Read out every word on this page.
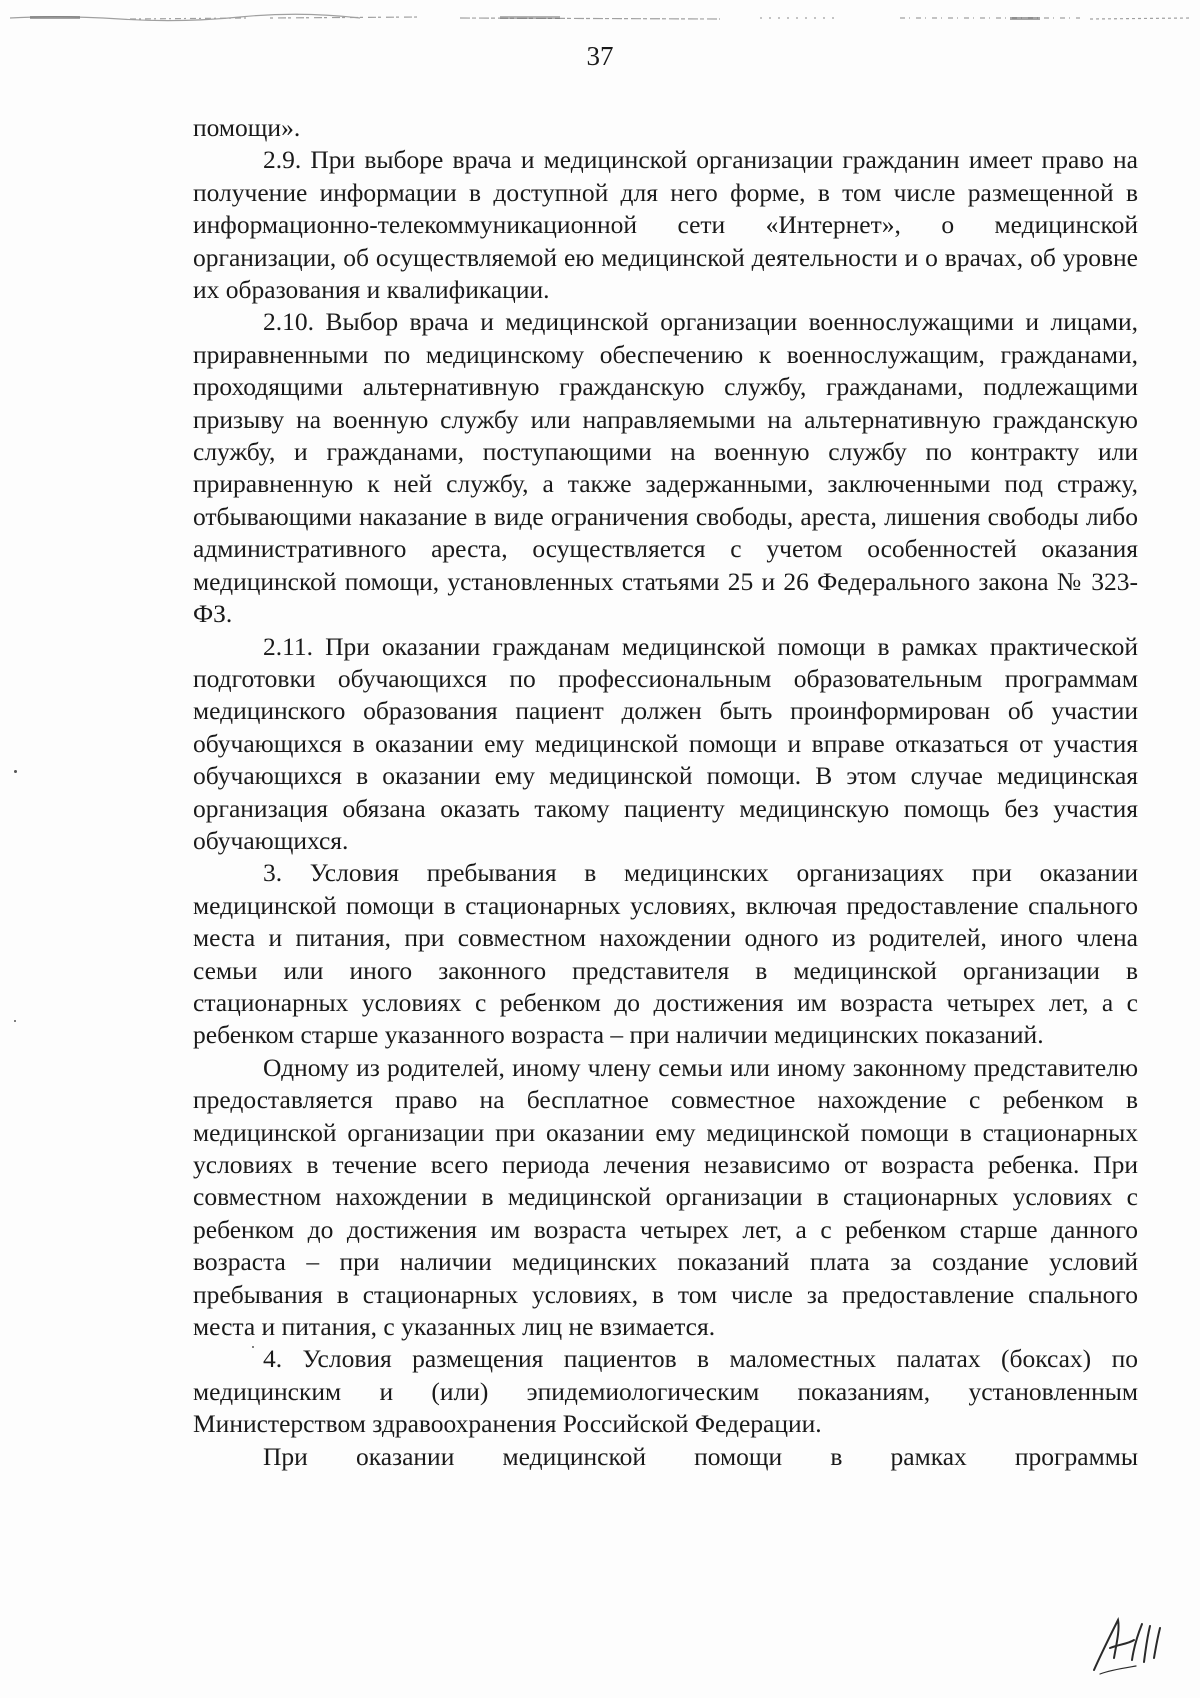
37

помощи».

2.9. При выборе врача и медицинской организации гражданин имеет право на получение информации в доступной для него форме, в том числе размещенной в информационно-телекоммуникационной сети «Интернет», о медицинской организации, об осуществляемой ею медицинской деятельности и о врачах, об уровне их образования и квалификации.

2.10. Выбор врача и медицинской организации военнослужащими и лицами, приравненными по медицинскому обеспечению к военнослужащим, гражданами, проходящими альтернативную гражданскую службу, гражданами, подлежащими призыву на военную службу или направляемыми на альтернативную гражданскую службу, и гражданами, поступающими на военную службу по контракту или приравненную к ней службу, а также задержанными, заключенными под стражу, отбывающими наказание в виде ограничения свободы, ареста, лишения свободы либо административного ареста, осуществляется с учетом особенностей оказания медицинской помощи, установленных статьями 25 и 26 Федерального закона № 323-ФЗ.

2.11. При оказании гражданам медицинской помощи в рамках практической подготовки обучающихся по профессиональным образовательным программам медицинского образования пациент должен быть проинформирован об участии обучающихся в оказании ему медицинской помощи и вправе отказаться от участия обучающихся в оказании ему медицинской помощи. В этом случае медицинская организация обязана оказать такому пациенту медицинскую помощь без участия обучающихся.

3. Условия пребывания в медицинских организациях при оказании медицинской помощи в стационарных условиях, включая предоставление спального места и питания, при совместном нахождении одного из родителей, иного члена семьи или иного законного представителя в медицинской организации в стационарных условиях с ребенком до достижения им возраста четырех лет, а с ребенком старше указанного возраста – при наличии медицинских показаний.

Одному из родителей, иному члену семьи или иному законному представителю предоставляется право на бесплатное совместное нахождение с ребенком в медицинской организации при оказании ему медицинской помощи в стационарных условиях в течение всего периода лечения независимо от возраста ребенка. При совместном нахождении в медицинской организации в стационарных условиях с ребенком до достижения им возраста четырех лет, а с ребенком старше данного возраста – при наличии медицинских показаний плата за создание условий пребывания в стационарных условиях, в том числе за предоставление спального места и питания, с указанных лиц не взимается.

4. Условия размещения пациентов в маломестных палатах (боксах) по медицинским и (или) эпидемиологическим показаниям, установленным Министерством здравоохранения Российской Федерации.

При оказании медицинской помощи в рамках программы
